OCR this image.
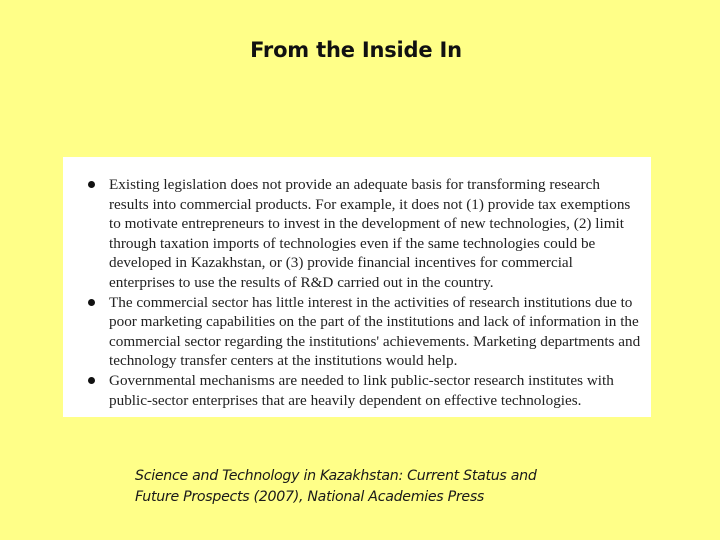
From the Inside In
Existing legislation does not provide an adequate basis for transforming research results into commercial products. For example, it does not (1) provide tax exemptions to motivate entrepreneurs to invest in the development of new technologies, (2) limit through taxation imports of technologies even if the same technologies could be developed in Kazakhstan, or (3) provide financial incentives for commercial enterprises to use the results of R&D carried out in the country.
The commercial sector has little interest in the activities of research institutions due to poor marketing capabilities on the part of the institutions and lack of information in the commercial sector regarding the institutions' achievements. Marketing departments and technology transfer centers at the institutions would help.
Governmental mechanisms are needed to link public-sector research institutes with public-sector enterprises that are heavily dependent on effective technologies.
Science and Technology in Kazakhstan: Current Status and
Future Prospects (2007), National Academies Press
